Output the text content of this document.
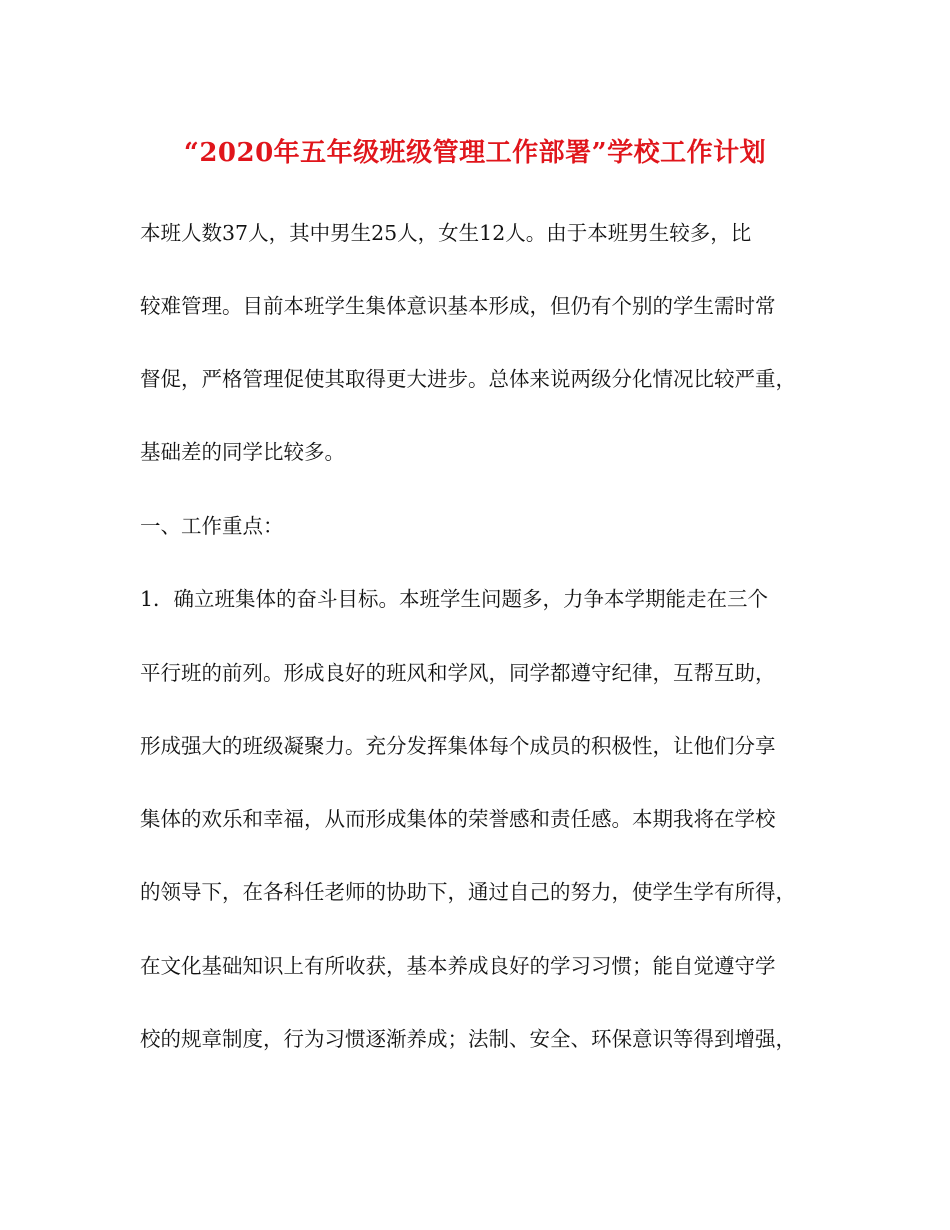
“2020年五年级班级管理工作部署”学校工作计划
本班人数37人，其中男生25人，女生12人。由于本班男生较多，比
较难管理。目前本班学生集体意识基本形成，但仍有个别的学生需时常
督促，严格管理促使其取得更大进步。总体来说两级分化情况比较严重，
基础差的同学比较多。
一、工作重点：
1．确立班集体的奋斗目标。本班学生问题多，力争本学期能走在三个
平行班的前列。形成良好的班风和学风，同学都遵守纪律，互帮互助，
形成强大的班级凝聚力。充分发挥集体每个成员的积极性，让他们分享
集体的欢乐和幸福，从而形成集体的荣誉感和责任感。本期我将在学校
的领导下，在各科任老师的协助下，通过自己的努力，使学生学有所得，
在文化基础知识上有所收获，基本养成良好的学习习惯；能自觉遵守学
校的规章制度，行为习惯逐渐养成；法制、安全、环保意识等得到增强，
